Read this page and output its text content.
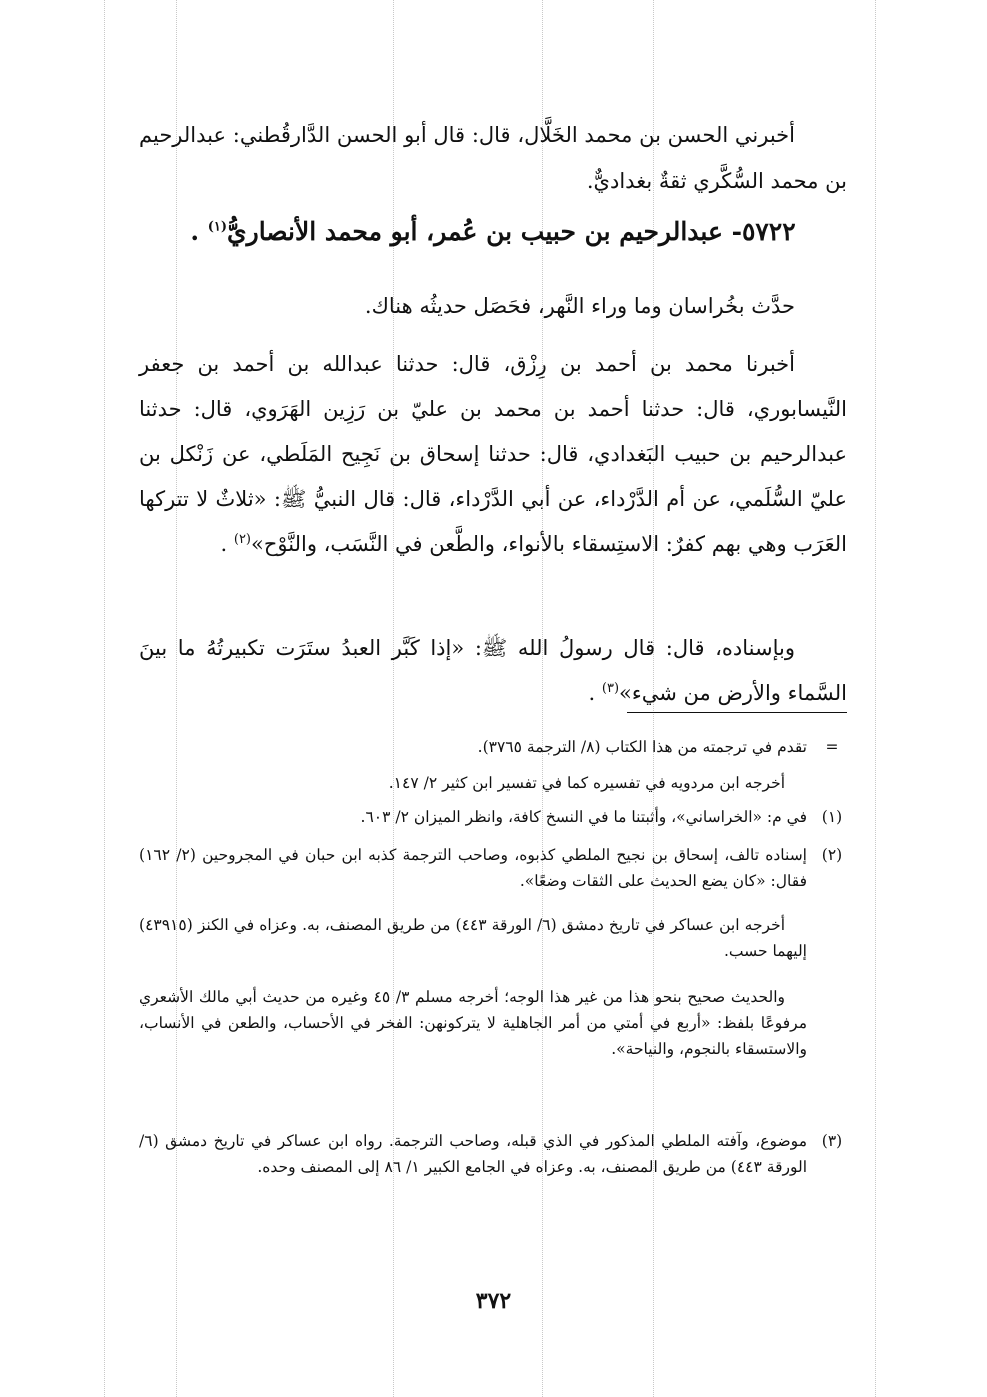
أخبرني الحسن بن محمد الخَلَّال، قال: قال أبو الحسن الدَّارقُطني: عبدالرحيم بن محمد السُّكَّري ثقةٌ بغداديٌّ.

٥٧٢٢- عبدالرحيم بن حبيب بن عُمر، أبو محمد الأنصاريُّ$^{(١)}$ .

حدَّث بخُراسان وما وراء النَّهر، فحَصَل حديثُه هناك.

أخبرنا محمد بن أحمد بن رِزْق، قال: حدثنا عبدالله بن أحمد بن جعفر النَّيسابوري، قال: حدثنا أحمد بن محمد بن عليّ بن رَزِين الهَرَوي، قال: حدثنا عبدالرحيم بن حبيب البَغدادي، قال: حدثنا إسحاق بن نَجِيح المَلَطي، عن زَنْكل بن عليّ السُّلَمي، عن أم الدَّرْداء، عن أبي الدَّرْداء، قال: قال النبيُّ ﷺ: «ثلاثٌ لا تتركها العَرَب وهي بهم كفرٌ: الاستِسقاء بالأنواء، والطَّعن في النَّسَب، والنَّوْح»$^{(٢)}$ .

وبإسناده، قال: قال رسولُ الله ﷺ: «إذا كَبَّر العبدُ ستَرَت تكبيرتُهُ ما بينَ السَّماء والأرض من شيء»$^{(٣)}$ .

=
تقدم في ترجمته من هذا الكتاب (٨/ الترجمة ٣٧٦٥).
أخرجه ابن مردويه في تفسيره كما في تفسير ابن كثير ٢/ ١٤٧.
(١)
في م: «الخراساني»، وأثبتنا ما في النسخ كافة، وانظر الميزان ٢/ ٦٠٣.
(٢)
إسناده تالف، إسحاق بن نجيح الملطي كذبوه، وصاحب الترجمة كذبه ابن حبان في المجروحين (٢/ ١٦٢) فقال: «كان يضع الحديث على الثقات وضعًا».
أخرجه ابن عساكر في تاريخ دمشق (٦/ الورقة ٤٤٣) من طريق المصنف، به. وعزاه في الكنز (٤٣٩١٥) إليهما حسب.
والحديث صحيح بنحو هذا من غير هذا الوجه؛ أخرجه مسلم ٣/ ٤٥ وغيره من حديث أبي مالك الأشعري مرفوعًا بلفظ: «أربع في أمتي من أمر الجاهلية لا يتركونهن: الفخر في الأحساب، والطعن في الأنساب، والاستسقاء بالنجوم، والنياحة».
(٣)
موضوع، وآفته الملطي المذكور في الذي قبله، وصاحب الترجمة. رواه ابن عساكر في تاريخ دمشق (٦/ الورقة ٤٤٣) من طريق المصنف، به. وعزاه في الجامع الكبير ١/ ٨٦ إلى المصنف وحده.
٣٧٢
